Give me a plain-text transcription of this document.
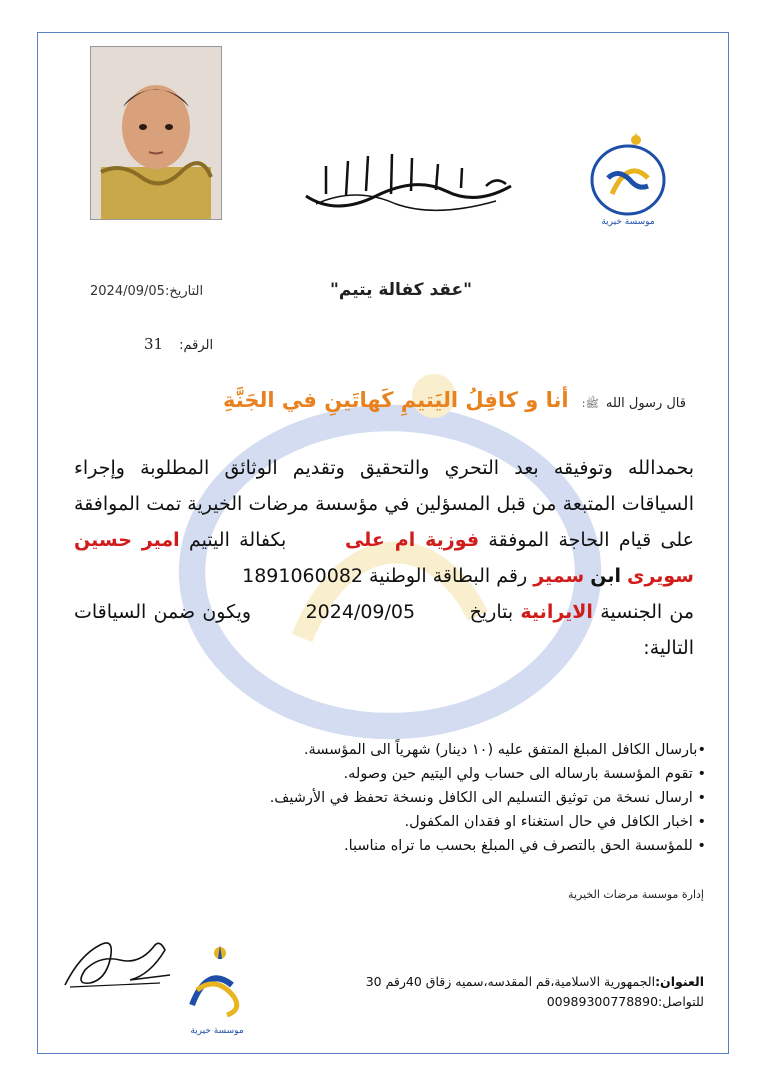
موسسة خيرية
التاريخ:2024/09/05	"عقد كفالة يتيم"
الرقم:31
قال رسول الله ﷺ: أنا و كافِلُ اليَتيمِ كَهاتَينِ في الجَنَّةِ
بحمدالله وتوفيقه بعد التحري والتحقيق وتقديم الوثائق المطلوبة وإجراء السياقات المتبعة من قبل المسؤلين في مؤسسة مرضات الخيرية تمت الموافقة على قيام الحاجة الموفقة فوزية ام على  بكفالة اليتيم امير حسين سويرى ابن سمير رقم البطاقة الوطنية 1891060082
من الجنسية الايرانية بتاريخ  2024/09/05  ويكون ضمن السياقات التالية:
•بارسال الكافل المبلغ المتفق عليه (١٠ دينار) شهرياً الى المؤسسة.
• تقوم المؤسسة بارساله الى حساب ولي اليتيم حين وصوله.
• ارسال نسخة من توثيق التسليم الى الكافل ونسخة تحفظ في الأرشيف.
• اخبار الكافل في حال استغناء او فقدان المكفول.
• للمؤسسة الحق بالتصرف في المبلغ بحسب ما تراه مناسبا.
إدارة موسسة مرضات الخيرية
موسسة خيرية
العنوان:الجمهورية الاسلامية،قم المقدسه،سميه زقاق 40رقم 30
للتواصل:00989300778890
